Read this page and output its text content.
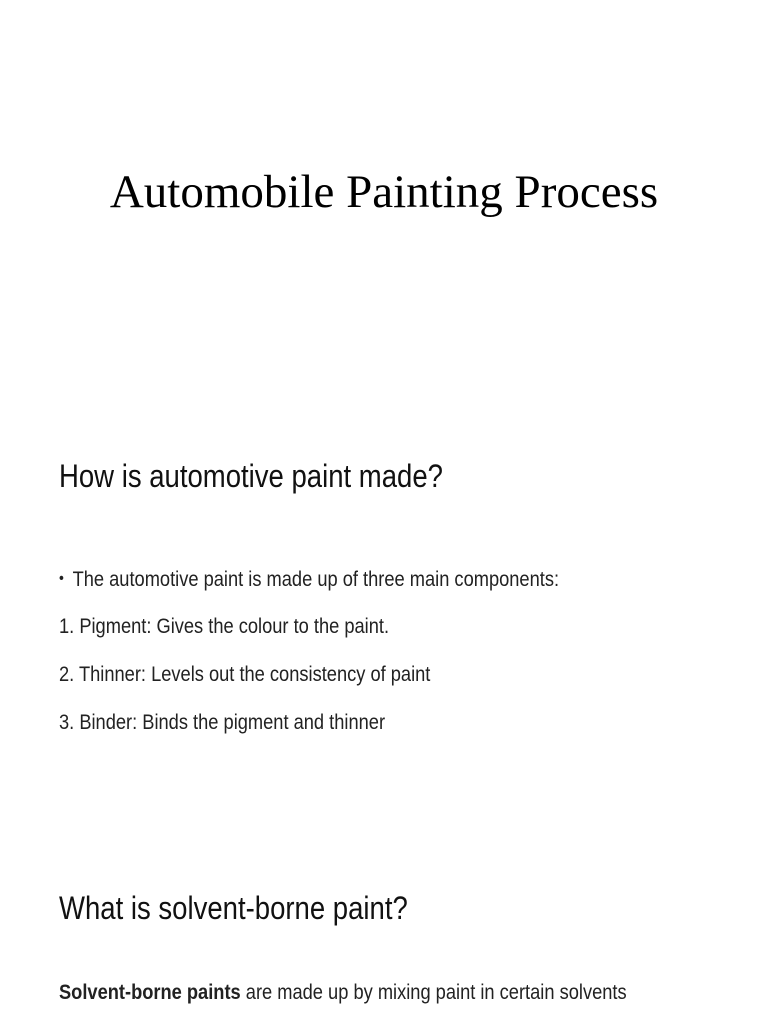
Automobile Painting Process
How is automotive paint made?

• The automotive paint is made up of three main components:

1. Pigment: Gives the colour to the paint.

2. Thinner: Levels out the consistency of paint

3. Binder: Binds the pigment and thinner

What is solvent-borne paint?

Solvent-borne paints are made up by mixing paint in certain solvents
